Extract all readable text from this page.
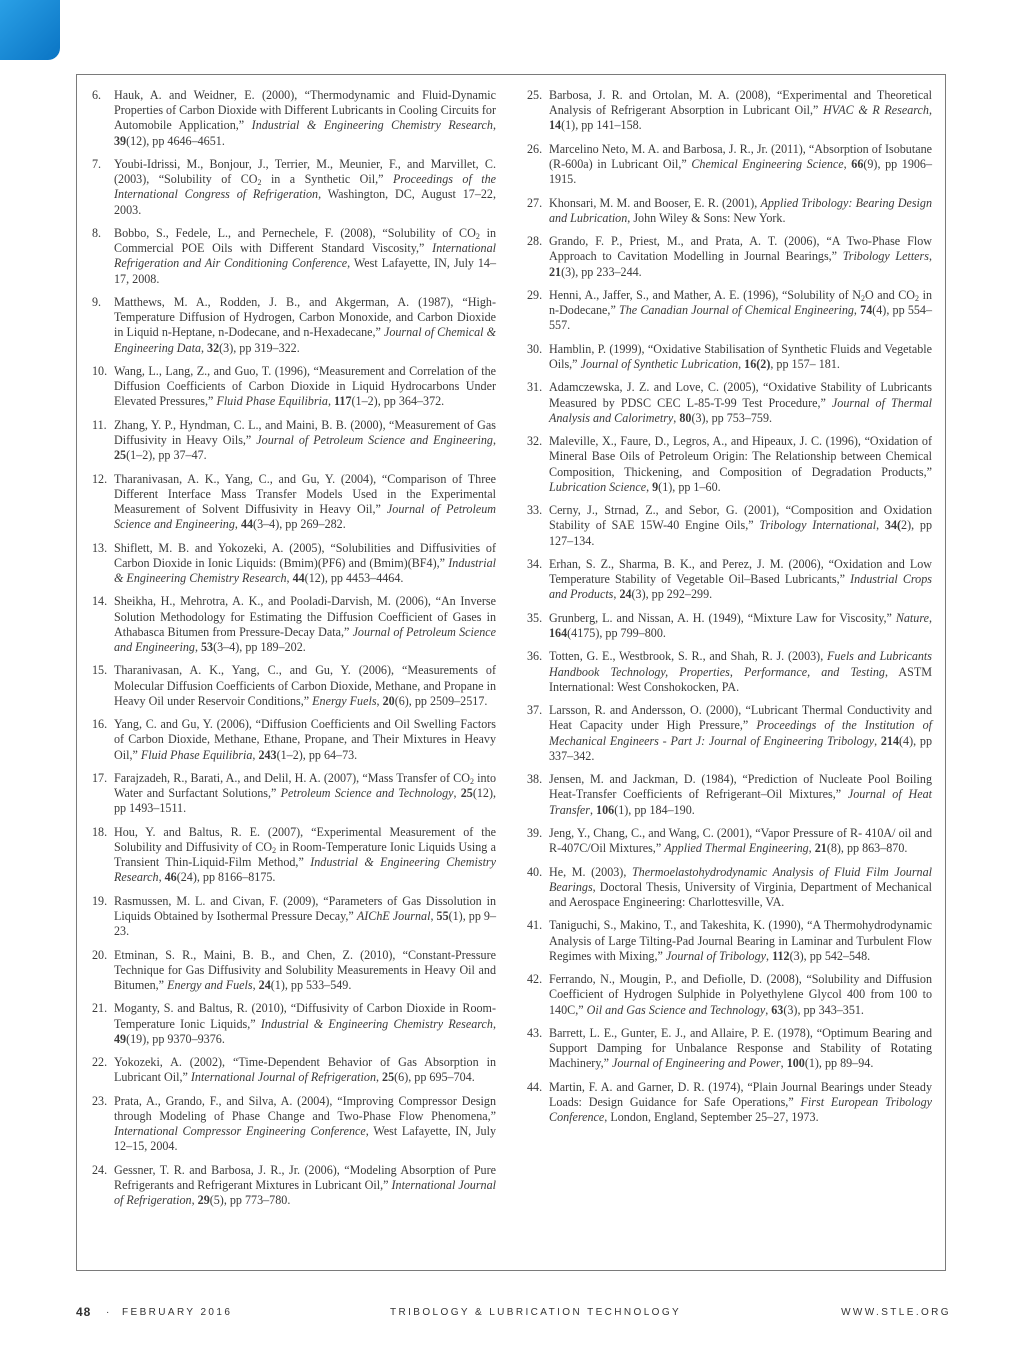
6.	Hauk, A. and Weidner, E. (2000), “Thermodynamic and Fluid-Dynamic Properties of Carbon Dioxide with Different Lubricants in Cooling Circuits for Automobile Application,” Industrial & Engineering Chemistry Research, 39(12), pp 4646–4651.
7.	Youbi-Idrissi, M., Bonjour, J., Terrier, M., Meunier, F., and Marvillet, C. (2003), “Solubility of $CO_2$ in a Synthetic Oil,” Proceedings of the International Congress of Refrigeration, Washington, DC, August 17–22, 2003.
8.	Bobbo, S., Fedele, L., and Pernechele, F. (2008), “Solubility of $CO_2$ in Commercial POE Oils with Different Standard Viscosity,” International Refrigeration and Air Conditioning Conference, West Lafayette, IN, July 14–17, 2008.
9.	Matthews, M. A., Rodden, J. B., and Akgerman, A. (1987), “High-Temperature Diffusion of Hydrogen, Carbon Monoxide, and Carbon Dioxide in Liquid n-Heptane, n-Dodecane, and n-Hexadecane,” Journal of Chemical & Engineering Data, 32(3), pp 319–322.
10. Wang, L., Lang, Z., and Guo, T. (1996), “Measurement and Correlation of the Diffusion Coefficients of Carbon Dioxide in Liquid Hydrocarbons Under Elevated Pressures,” Fluid Phase Equilibria, 117(1–2), pp 364–372.
11. Zhang, Y. P., Hyndman, C. L., and Maini, B. B. (2000), “Measurement of Gas Diffusivity in Heavy Oils,” Journal of Petroleum Science and Engineering, 25(1–2), pp 37–47.
12. Tharanivasan, A. K., Yang, C., and Gu, Y. (2004), “Comparison of Three Different Interface Mass Transfer Models Used in the Experimental Measurement of Solvent Diffusivity in Heavy Oil,” Journal of Petroleum Science and Engineering, 44(3–4), pp 269–282.
13. Shiflett, M. B. and Yokozeki, A. (2005), “Solubilities and Diffusivities of Carbon Dioxide in Ionic Liquids: (Bmim)(PF6) and (Bmim)(BF4),” Industrial & Engineering Chemistry Research, 44(12), pp 4453–4464.
14. Sheikha, H., Mehrotra, A. K., and Pooladi-Darvish, M. (2006), “An Inverse Solution Methodology for Estimating the Diffusion Coefficient of Gases in Athabasca Bitumen from Pressure-Decay Data,” Journal of Petroleum Science and Engineering, 53(3–4), pp 189–202.
15. Tharanivasan, A. K., Yang, C., and Gu, Y. (2006), “Measurements of Molecular Diffusion Coefficients of Carbon Dioxide, Methane, and Propane in Heavy Oil under Reservoir Conditions,” Energy Fuels, 20(6), pp 2509–2517.
16. Yang, C. and Gu, Y. (2006), “Diffusion Coefficients and Oil Swelling Factors of Carbon Dioxide, Methane, Ethane, Propane, and Their Mixtures in Heavy Oil,” Fluid Phase Equilibria, 243(1–2), pp 64–73.
17. Farajzadeh, R., Barati, A., and Delil, H. A. (2007), “Mass Transfer of $CO_2$ into Water and Surfactant Solutions,” Petroleum Science and Technology, 25(12), pp 1493–1511.
18. Hou, Y. and Baltus, R. E. (2007), “Experimental Measurement of the Solubility and Diffusivity of $CO_2$ in Room-Temperature Ionic Liquids Using a Transient Thin-Liquid-Film Method,” Industrial & Engineering Chemistry Research, 46(24), pp 8166–8175.
19. Rasmussen, M. L. and Civan, F. (2009), “Parameters of Gas Dissolution in Liquids Obtained by Isothermal Pressure Decay,” AIChE Journal, 55(1), pp 9–23.
20. Etminan, S. R., Maini, B. B., and Chen, Z. (2010), “Constant-Pressure Technique for Gas Diffusivity and Solubility Measurements in Heavy Oil and Bitumen,” Energy and Fuels, 24(1), pp 533–549.
21. Moganty, S. and Baltus, R. (2010), “Diffusivity of Carbon Dioxide in Room-Temperature Ionic Liquids,” Industrial & Engineering Chemistry Research, 49(19), pp 9370–9376.
22. Yokozeki, A. (2002), “Time-Dependent Behavior of Gas Absorption in Lubricant Oil,” International Journal of Refrigeration, 25(6), pp 695–704.
23. Prata, A., Grando, F., and Silva, A. (2004), “Improving Compressor Design through Modeling of Phase Change and Two-Phase Flow Phenomena,” International Compressor Engineering Conference, West Lafayette, IN, July 12–15, 2004.
24. Gessner, T. R. and Barbosa, J. R., Jr. (2006), “Modeling Absorption of Pure Refrigerants and Refrigerant Mixtures in Lubricant Oil,” International Journal of Refrigeration, 29(5), pp 773–780.
25. Barbosa, J. R. and Ortolan, M. A. (2008), “Experimental and Theoretical Analysis of Refrigerant Absorption in Lubricant Oil,” HVAC & R Research, 14(1), pp 141–158.
26. Marcelino Neto, M. A. and Barbosa, J. R., Jr. (2011), “Absorption of Isobutane (R-600a) in Lubricant Oil,” Chemical Engineering Science, 66(9), pp 1906–1915.
27. Khonsari, M. M. and Booser, E. R. (2001), Applied Tribology: Bearing Design and Lubrication, John Wiley & Sons: New York.
28. Grando, F. P., Priest, M., and Prata, A. T. (2006), “A Two-Phase Flow Approach to Cavitation Modelling in Journal Bearings,” Tribology Letters, 21(3), pp 233–244.
29. Henni, A., Jaffer, S., and Mather, A. E. (1996), “Solubility of $N_2O$ and $CO_2$ in n-Dodecane,” The Canadian Journal of Chemical Engineering, 74(4), pp 554–557.
30. Hamblin, P. (1999), “Oxidative Stabilisation of Synthetic Fluids and Vegetable Oils,” Journal of Synthetic Lubrication, 16(2), pp 157– 181.
31. Adamczewska, J. Z. and Love, C. (2005), “Oxidative Stability of Lubricants Measured by PDSC CEC L-85-T-99 Test Procedure,” Journal of Thermal Analysis and Calorimetry, 80(3), pp 753–759.
32. Maleville, X., Faure, D., Legros, A., and Hipeaux, J. C. (1996), “Oxidation of Mineral Base Oils of Petroleum Origin: The Relationship between Chemical Composition, Thickening, and Composition of Degradation Products,” Lubrication Science, 9(1), pp 1–60.
33. Cerny, J., Strnad, Z., and Sebor, G. (2001), “Composition and Oxidation Stability of SAE 15W-40 Engine Oils,” Tribology International, 34(2), pp 127–134.
34. Erhan, S. Z., Sharma, B. K., and Perez, J. M. (2006), “Oxidation and Low Temperature Stability of Vegetable Oil–Based Lubricants,” Industrial Crops and Products, 24(3), pp 292–299.
35. Grunberg, L. and Nissan, A. H. (1949), “Mixture Law for Viscosity,” Nature, 164(4175), pp 799–800.
36. Totten, G. E., Westbrook, S. R., and Shah, R. J. (2003), Fuels and Lubricants Handbook Technology, Properties, Performance, and Testing, ASTM International: West Conshokocken, PA.
37. Larsson, R. and Andersson, O. (2000), “Lubricant Thermal Conductivity and Heat Capacity under High Pressure,” Proceedings of the Institution of Mechanical Engineers - Part J: Journal of Engineering Tribology, 214(4), pp 337–342.
38. Jensen, M. and Jackman, D. (1984), “Prediction of Nucleate Pool Boiling Heat-Transfer Coefficients of Refrigerant–Oil Mixtures,” Journal of Heat Transfer, 106(1), pp 184–190.
39. Jeng, Y., Chang, C., and Wang, C. (2001), “Vapor Pressure of R- 410A/ oil and R-407C/Oil Mixtures,” Applied Thermal Engineering, 21(8), pp 863–870.
40. He, M. (2003), Thermoelastohydrodynamic Analysis of Fluid Film Journal Bearings, Doctoral Thesis, University of Virginia, Department of Mechanical and Aerospace Engineering: Charlottesville, VA.
41. Taniguchi, S., Makino, T., and Takeshita, K. (1990), “A Thermohydrodynamic Analysis of Large Tilting-Pad Journal Bearing in Laminar and Turbulent Flow Regimes with Mixing,” Journal of Tribology, 112(3), pp 542–548.
42. Ferrando, N., Mougin, P., and Defiolle, D. (2008), “Solubility and Diffusion Coefficient of Hydrogen Sulphide in Polyethylene Glycol 400 from 100 to 140C,” Oil and Gas Science and Technology, 63(3), pp 343–351.
43. Barrett, L. E., Gunter, E. J., and Allaire, P. E. (1978), “Optimum Bearing and Support Damping for Unbalance Response and Stability of Rotating Machinery,” Journal of Engineering and Power, 100(1), pp 89–94.
44. Martin, F. A. and Garner, D. R. (1974), “Plain Journal Bearings under Steady Loads: Design Guidance for Safe Operations,” First European Tribology Conference, London, England, September 25–27, 1973.
48 · FEBRUARY 2016	TRIBOLOGY & LUBRICATION TECHNOLOGY	WWW.STLE.ORG
